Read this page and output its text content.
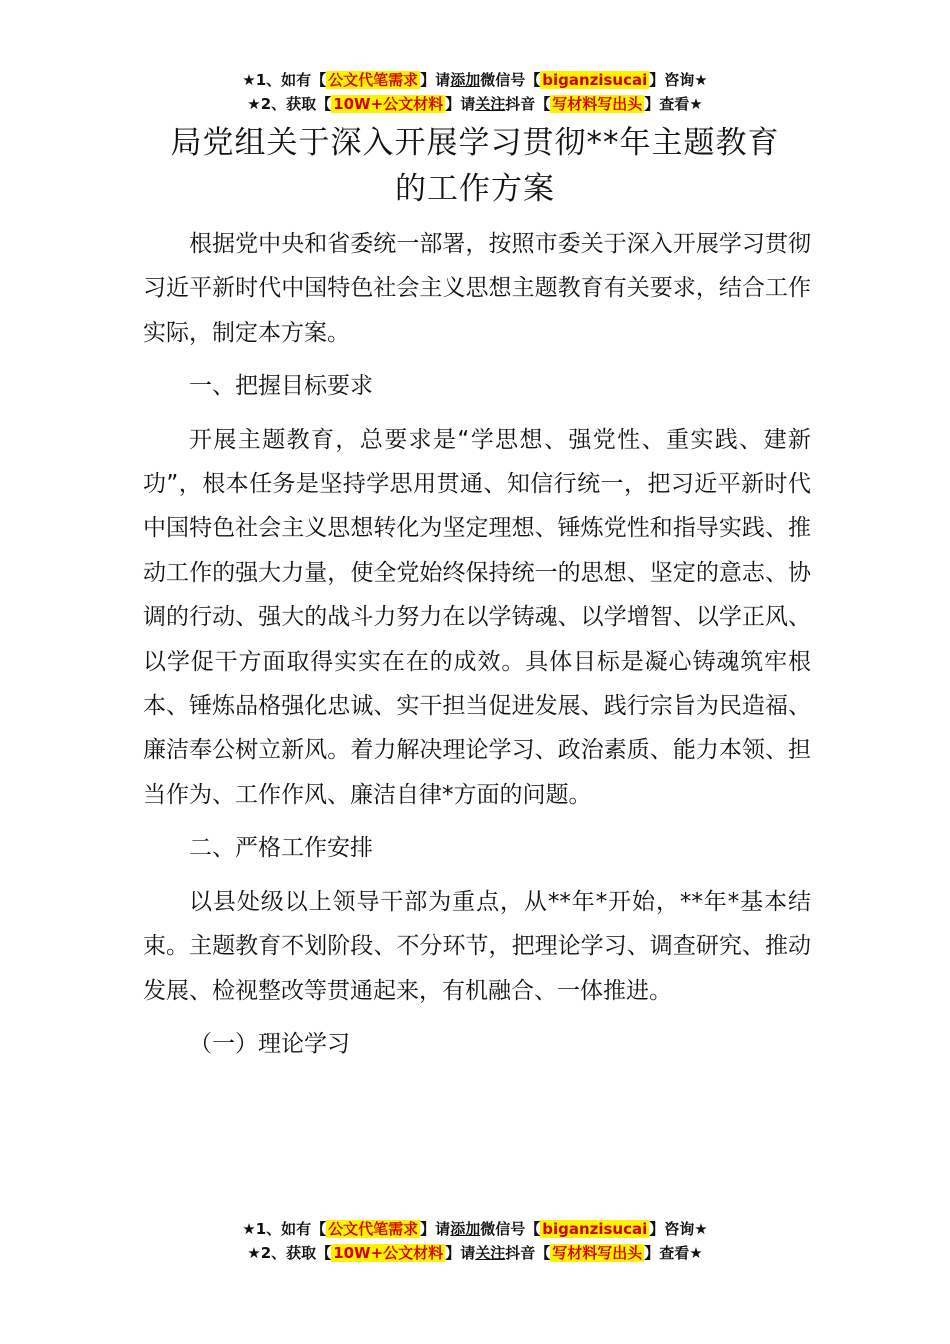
★1、如有【 公文代笔需求 】请添加微信号【 biganzisucai 】咨询★
★2、获取【 10W+公文材料 】请关注抖音【 写材料写出头 】查看★
局党组关于深入开展学习贯彻**年主题教育
的工作方案

根据党中央和省委统一部署，按照市委关于深入开展学习贯彻习近平新时代中国特色社会主义思想主题教育有关要求，结合工作实际，制定本方案。

一、把握目标要求

开展主题教育，总要求是“学思想、强党性、重实践、建新功”，根本任务是坚持学思用贯通、知信行统一，把习近平新时代中国特色社会主义思想转化为坚定理想、锤炼党性和指导实践、推动工作的强大力量，使全党始终保持统一的思想、坚定的意志、协调的行动、强大的战斗力努力在以学铸魂、以学增智、以学正风、以学促干方面取得实实在在的成效。具体目标是凝心铸魂筑牢根本、锤炼品格强化忠诚、实干担当促进发展、践行宗旨为民造福、廉洁奉公树立新风。着力解决理论学习、政治素质、能力本领、担当作为、工作作风、廉洁自律*方面的问题。

二、严格工作安排

以县处级以上领导干部为重点，从**年*开始，**年*基本结束。主题教育不划阶段、不分环节，把理论学习、调查研究、推动发展、检视整改等贯通起来，有机融合、一体推进。

（一）理论学习

★1、如有【 公文代笔需求 】请添加微信号【 biganzisucai 】咨询★
★2、获取【 10W+公文材料 】请关注抖音【 写材料写出头 】查看★
